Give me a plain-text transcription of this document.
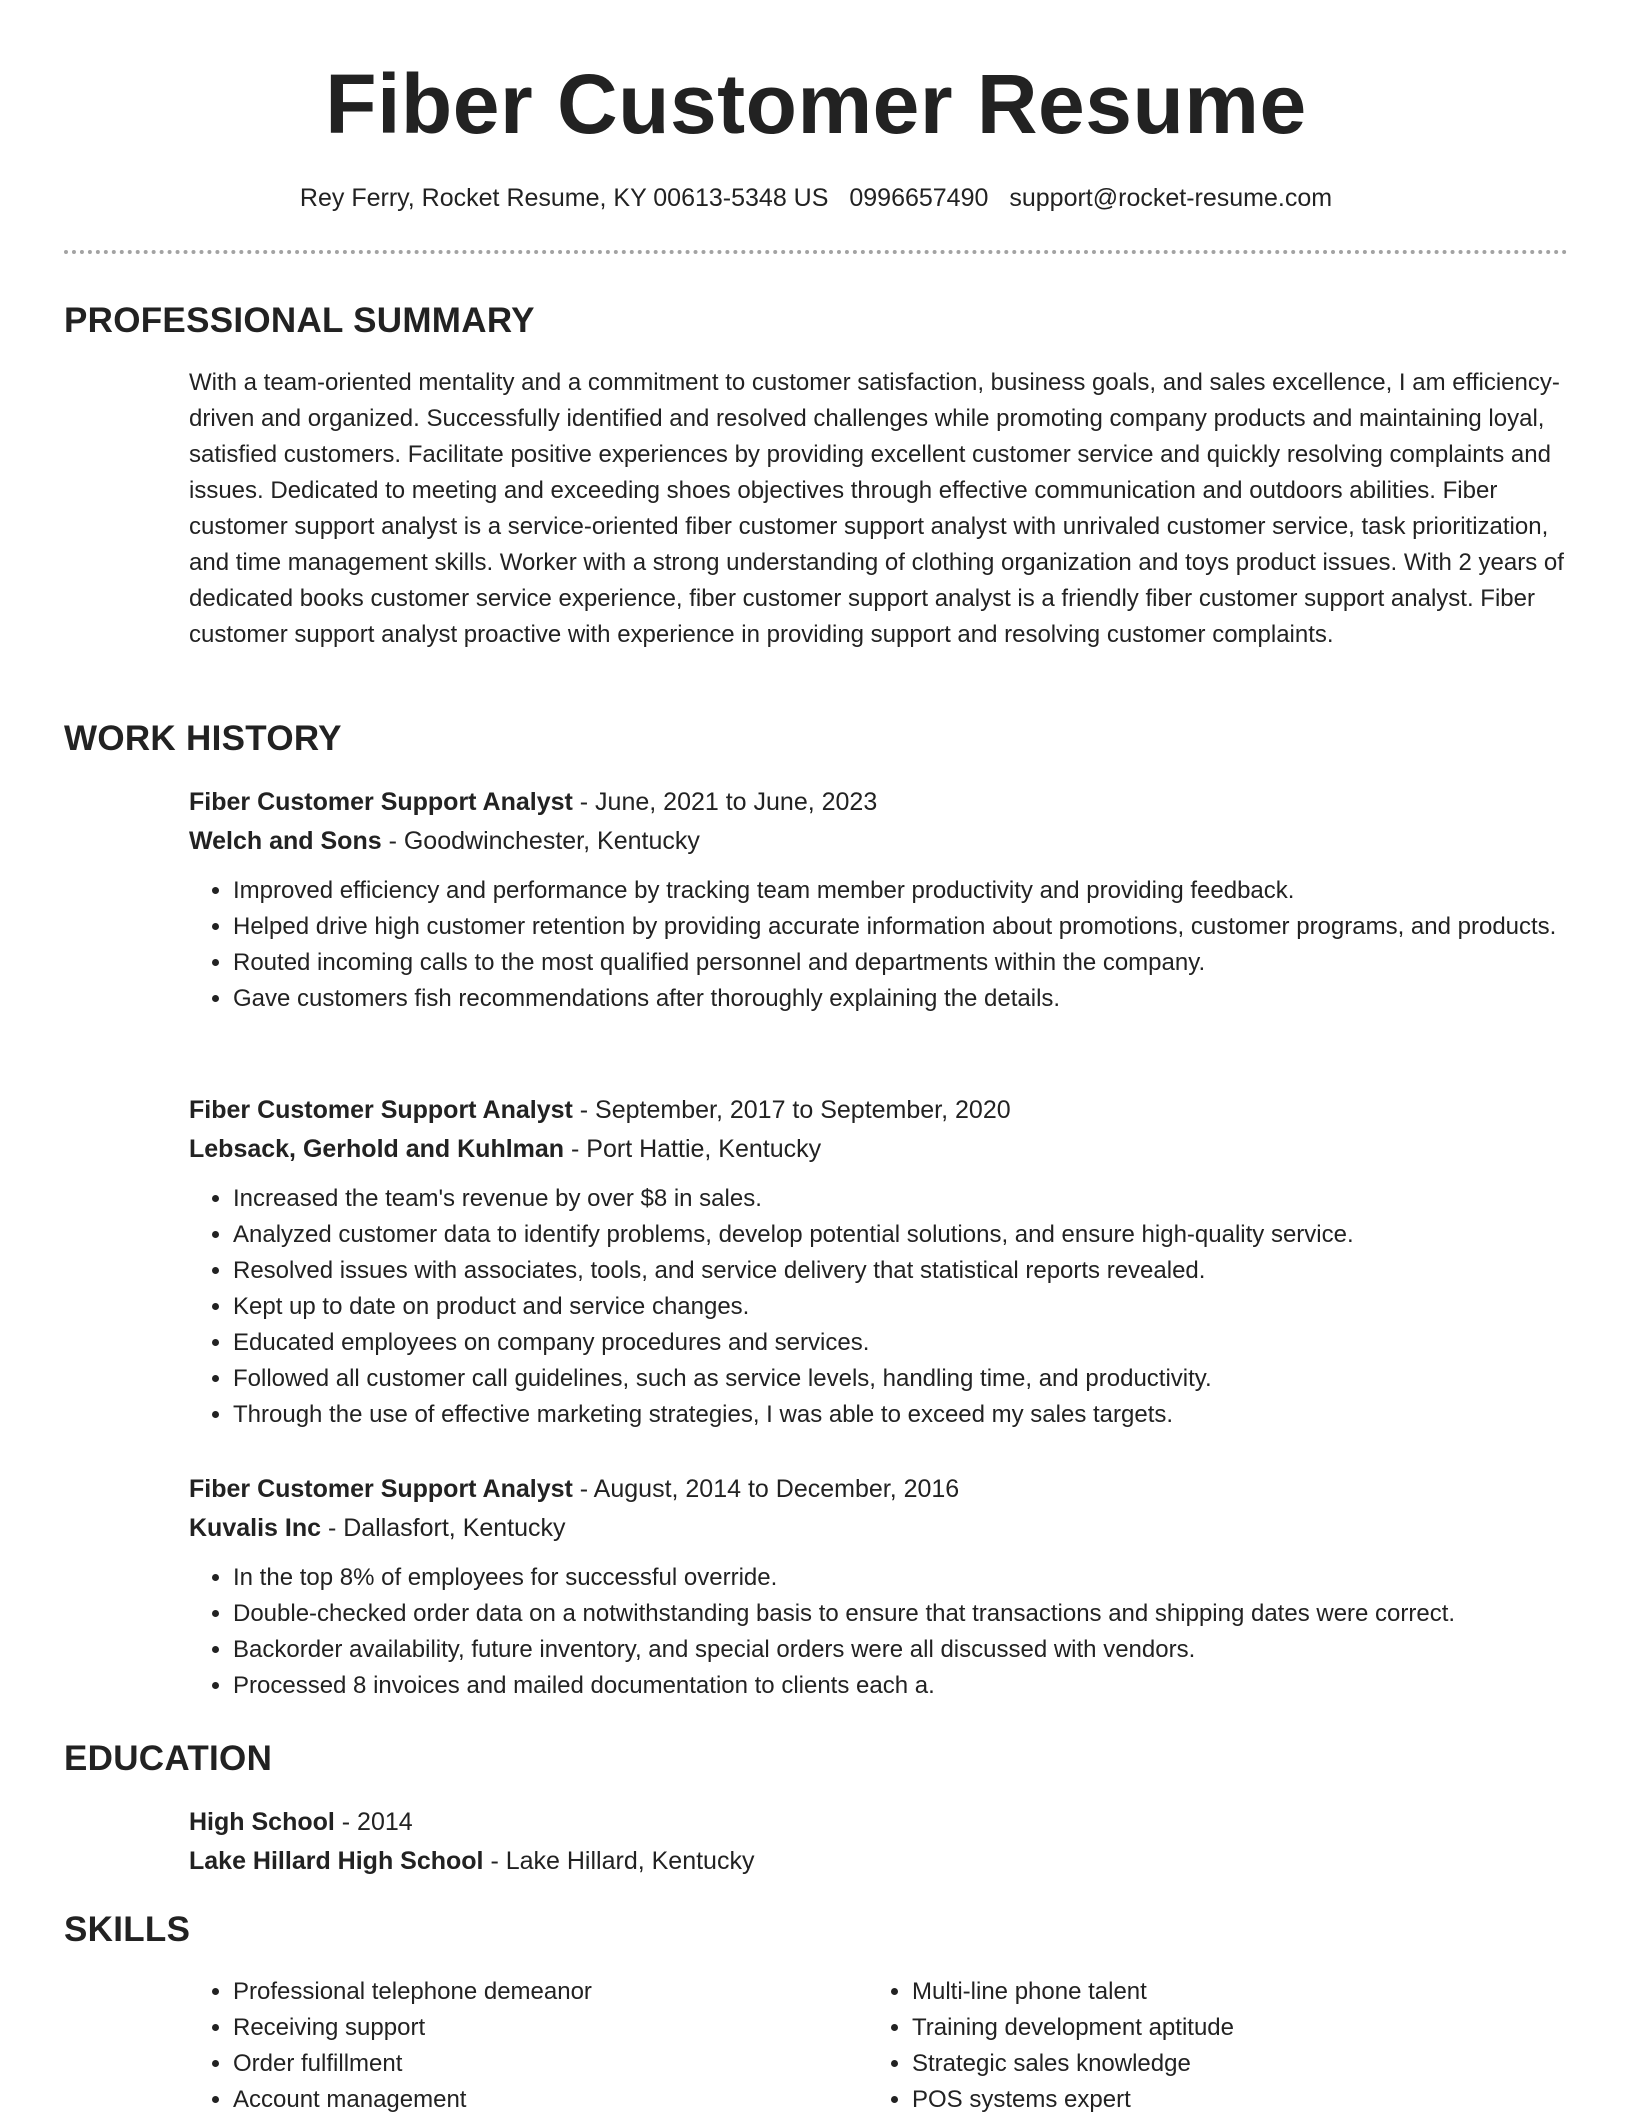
Fiber Customer Resume
Rey Ferry, Rocket Resume, KY 00613-5348 US 0996657490 support@rocket-resume.com
PROFESSIONAL SUMMARY
With a team-oriented mentality and a commitment to customer satisfaction, business goals, and sales excellence, I am efficiency-driven and organized. Successfully identified and resolved challenges while promoting company products and maintaining loyal, satisfied customers. Facilitate positive experiences by providing excellent customer service and quickly resolving complaints and issues. Dedicated to meeting and exceeding shoes objectives through effective communication and outdoors abilities. Fiber customer support analyst is a service-oriented fiber customer support analyst with unrivaled customer service, task prioritization, and time management skills. Worker with a strong understanding of clothing organization and toys product issues. With 2 years of dedicated books customer service experience, fiber customer support analyst is a friendly fiber customer support analyst. Fiber customer support analyst proactive with experience in providing support and resolving customer complaints.
WORK HISTORY
Fiber Customer Support Analyst - June, 2021 to June, 2023
Welch and Sons - Goodwinchester, Kentucky
• Improved efficiency and performance by tracking team member productivity and providing feedback.
• Helped drive high customer retention by providing accurate information about promotions, customer programs, and products.
• Routed incoming calls to the most qualified personnel and departments within the company.
• Gave customers fish recommendations after thoroughly explaining the details.
Fiber Customer Support Analyst - September, 2017 to September, 2020
Lebsack, Gerhold and Kuhlman - Port Hattie, Kentucky
• Increased the team's revenue by over $8 in sales.
• Analyzed customer data to identify problems, develop potential solutions, and ensure high-quality service.
• Resolved issues with associates, tools, and service delivery that statistical reports revealed.
• Kept up to date on product and service changes.
• Educated employees on company procedures and services.
• Followed all customer call guidelines, such as service levels, handling time, and productivity.
• Through the use of effective marketing strategies, I was able to exceed my sales targets.
Fiber Customer Support Analyst - August, 2014 to December, 2016
Kuvalis Inc - Dallasfort, Kentucky
• In the top 8% of employees for successful override.
• Double-checked order data on a notwithstanding basis to ensure that transactions and shipping dates were correct.
• Backorder availability, future inventory, and special orders were all discussed with vendors.
• Processed 8 invoices and mailed documentation to clients each a.
EDUCATION
High School - 2014
Lake Hillard High School - Lake Hillard, Kentucky
SKILLS
• Professional telephone demeanor
• Receiving support
• Order fulfillment
• Account management
• Multi-line phone talent
• Training development aptitude
• Strategic sales knowledge
• POS systems expert
